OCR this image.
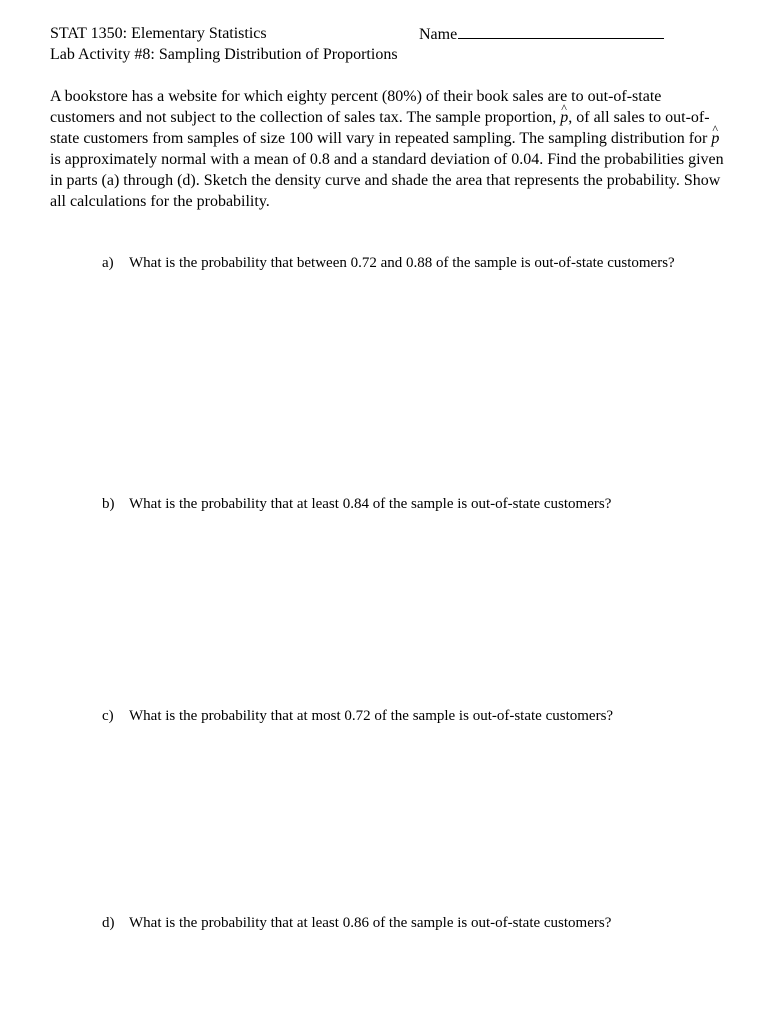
STAT 1350: Elementary Statistics	Name
Lab Activity #8: Sampling Distribution of Proportions

A bookstore has a website for which eighty percent (80%) of their book sales are to out-of-state customers and not subject to the collection of sales tax. The sample proportion, p ^, of all sales to out-of-state customers from samples of size 100 will vary in repeated sampling. The sampling distribution for p ^ is approximately normal with a mean of 0.8 and a standard deviation of 0.04. Find the probabilities given in parts (a) through (d). Sketch the density curve and shade the area that represents the probability. Show all calculations for the probability.

a) What is the probability that between 0.72 and 0.88 of the sample is out-of-state customers?
b) What is the probability that at least 0.84 of the sample is out-of-state customers?
c) What is the probability that at most 0.72 of the sample is out-of-state customers?
d) What is the probability that at least 0.86 of the sample is out-of-state customers?
